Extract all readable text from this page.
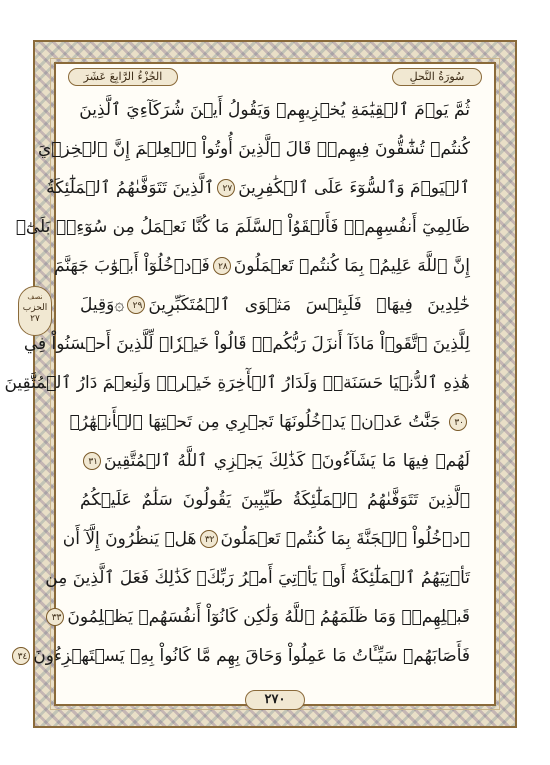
الجُزْءُ الرَّابِعَ عَشَرَ	سُورَةُ النَّحلِ
نصف
الحزب
٢٧
ثُمَّ يَوۡمَ ٱلۡقِيَٰمَةِ يُخۡزِيهِمۡ وَيَقُولُ أَيۡنَ شُرَكَآءِيَ ٱلَّذِينَ
كُنتُمۡ تُشَٰٓقُّونَ فِيهِمۡۚ قَالَ ٱلَّذِينَ أُوتُواْ ٱلۡعِلۡمَ إِنَّ ٱلۡخِزۡيَ
ٱلۡيَوۡمَ وَٱلسُّوٓءَ عَلَى ٱلۡكَٰفِرِينَ٢٧ٱلَّذِينَ تَتَوَفَّىٰهُمُ ٱلۡمَلَٰٓئِكَةُ
ظَالِمِيٓ أَنفُسِهِمۡۖ فَأَلۡقَوُاْ ٱلسَّلَمَ مَا كُنَّا نَعۡمَلُ مِن سُوٓءِۭۚ بَلَىٰٓۚ
إِنَّ ٱللَّهَ عَلِيمُۢ بِمَا كُنتُمۡ تَعۡمَلُونَ٢٨فَٱدۡخُلُوٓاْ أَبۡوَٰبَ جَهَنَّمَ
خَٰلِدِينَ فِيهَاۖ فَلَبِئۡسَ مَثۡوَى ٱلۡمُتَكَبِّرِينَ٢٩۞وَقِيلَ
لِلَّذِينَ ٱتَّقَوۡاْ مَاذَآ أَنزَلَ رَبُّكُمۡۚ قَالُواْ خَيۡرٗاۗ لِّلَّذِينَ أَحۡسَنُواْ فِي
هَٰذِهِ ٱلدُّنۡيَا حَسَنَةٞۚ وَلَدَارُ ٱلۡأٓخِرَةِ خَيۡرٞۚ وَلَنِعۡمَ دَارُ ٱلۡمُتَّقِينَ
٣٠ جَنَّٰتُ عَدۡنٖ يَدۡخُلُونَهَا تَجۡرِي مِن تَحۡتِهَا ٱلۡأَنۡهَٰرُۖ
لَهُمۡ فِيهَا مَا يَشَآءُونَۚ كَذَٰلِكَ يَجۡزِي ٱللَّهُ ٱلۡمُتَّقِينَ٣١
ٱلَّذِينَ تَتَوَفَّىٰهُمُ ٱلۡمَلَٰٓئِكَةُ طَيِّبِينَ يَقُولُونَ سَلَٰمٌ عَلَيۡكُمُ
ٱدۡخُلُواْ ٱلۡجَنَّةَ بِمَا كُنتُمۡ تَعۡمَلُونَ٣٢هَلۡ يَنظُرُونَ إِلَّآ أَن
تَأۡتِيَهُمُ ٱلۡمَلَٰٓئِكَةُ أَوۡ يَأۡتِيَ أَمۡرُ رَبِّكَۚ كَذَٰلِكَ فَعَلَ ٱلَّذِينَ مِن
قَبۡلِهِمۡۚ وَمَا ظَلَمَهُمُ ٱللَّهُ وَلَٰكِن كَانُوٓاْ أَنفُسَهُمۡ يَظۡلِمُونَ٣٣
فَأَصَابَهُمۡ سَيِّـَٔاتُ مَا عَمِلُواْ وَحَاقَ بِهِم مَّا كَانُواْ بِهِۦ يَسۡتَهۡزِءُونَ٣٤
٢٧٠
